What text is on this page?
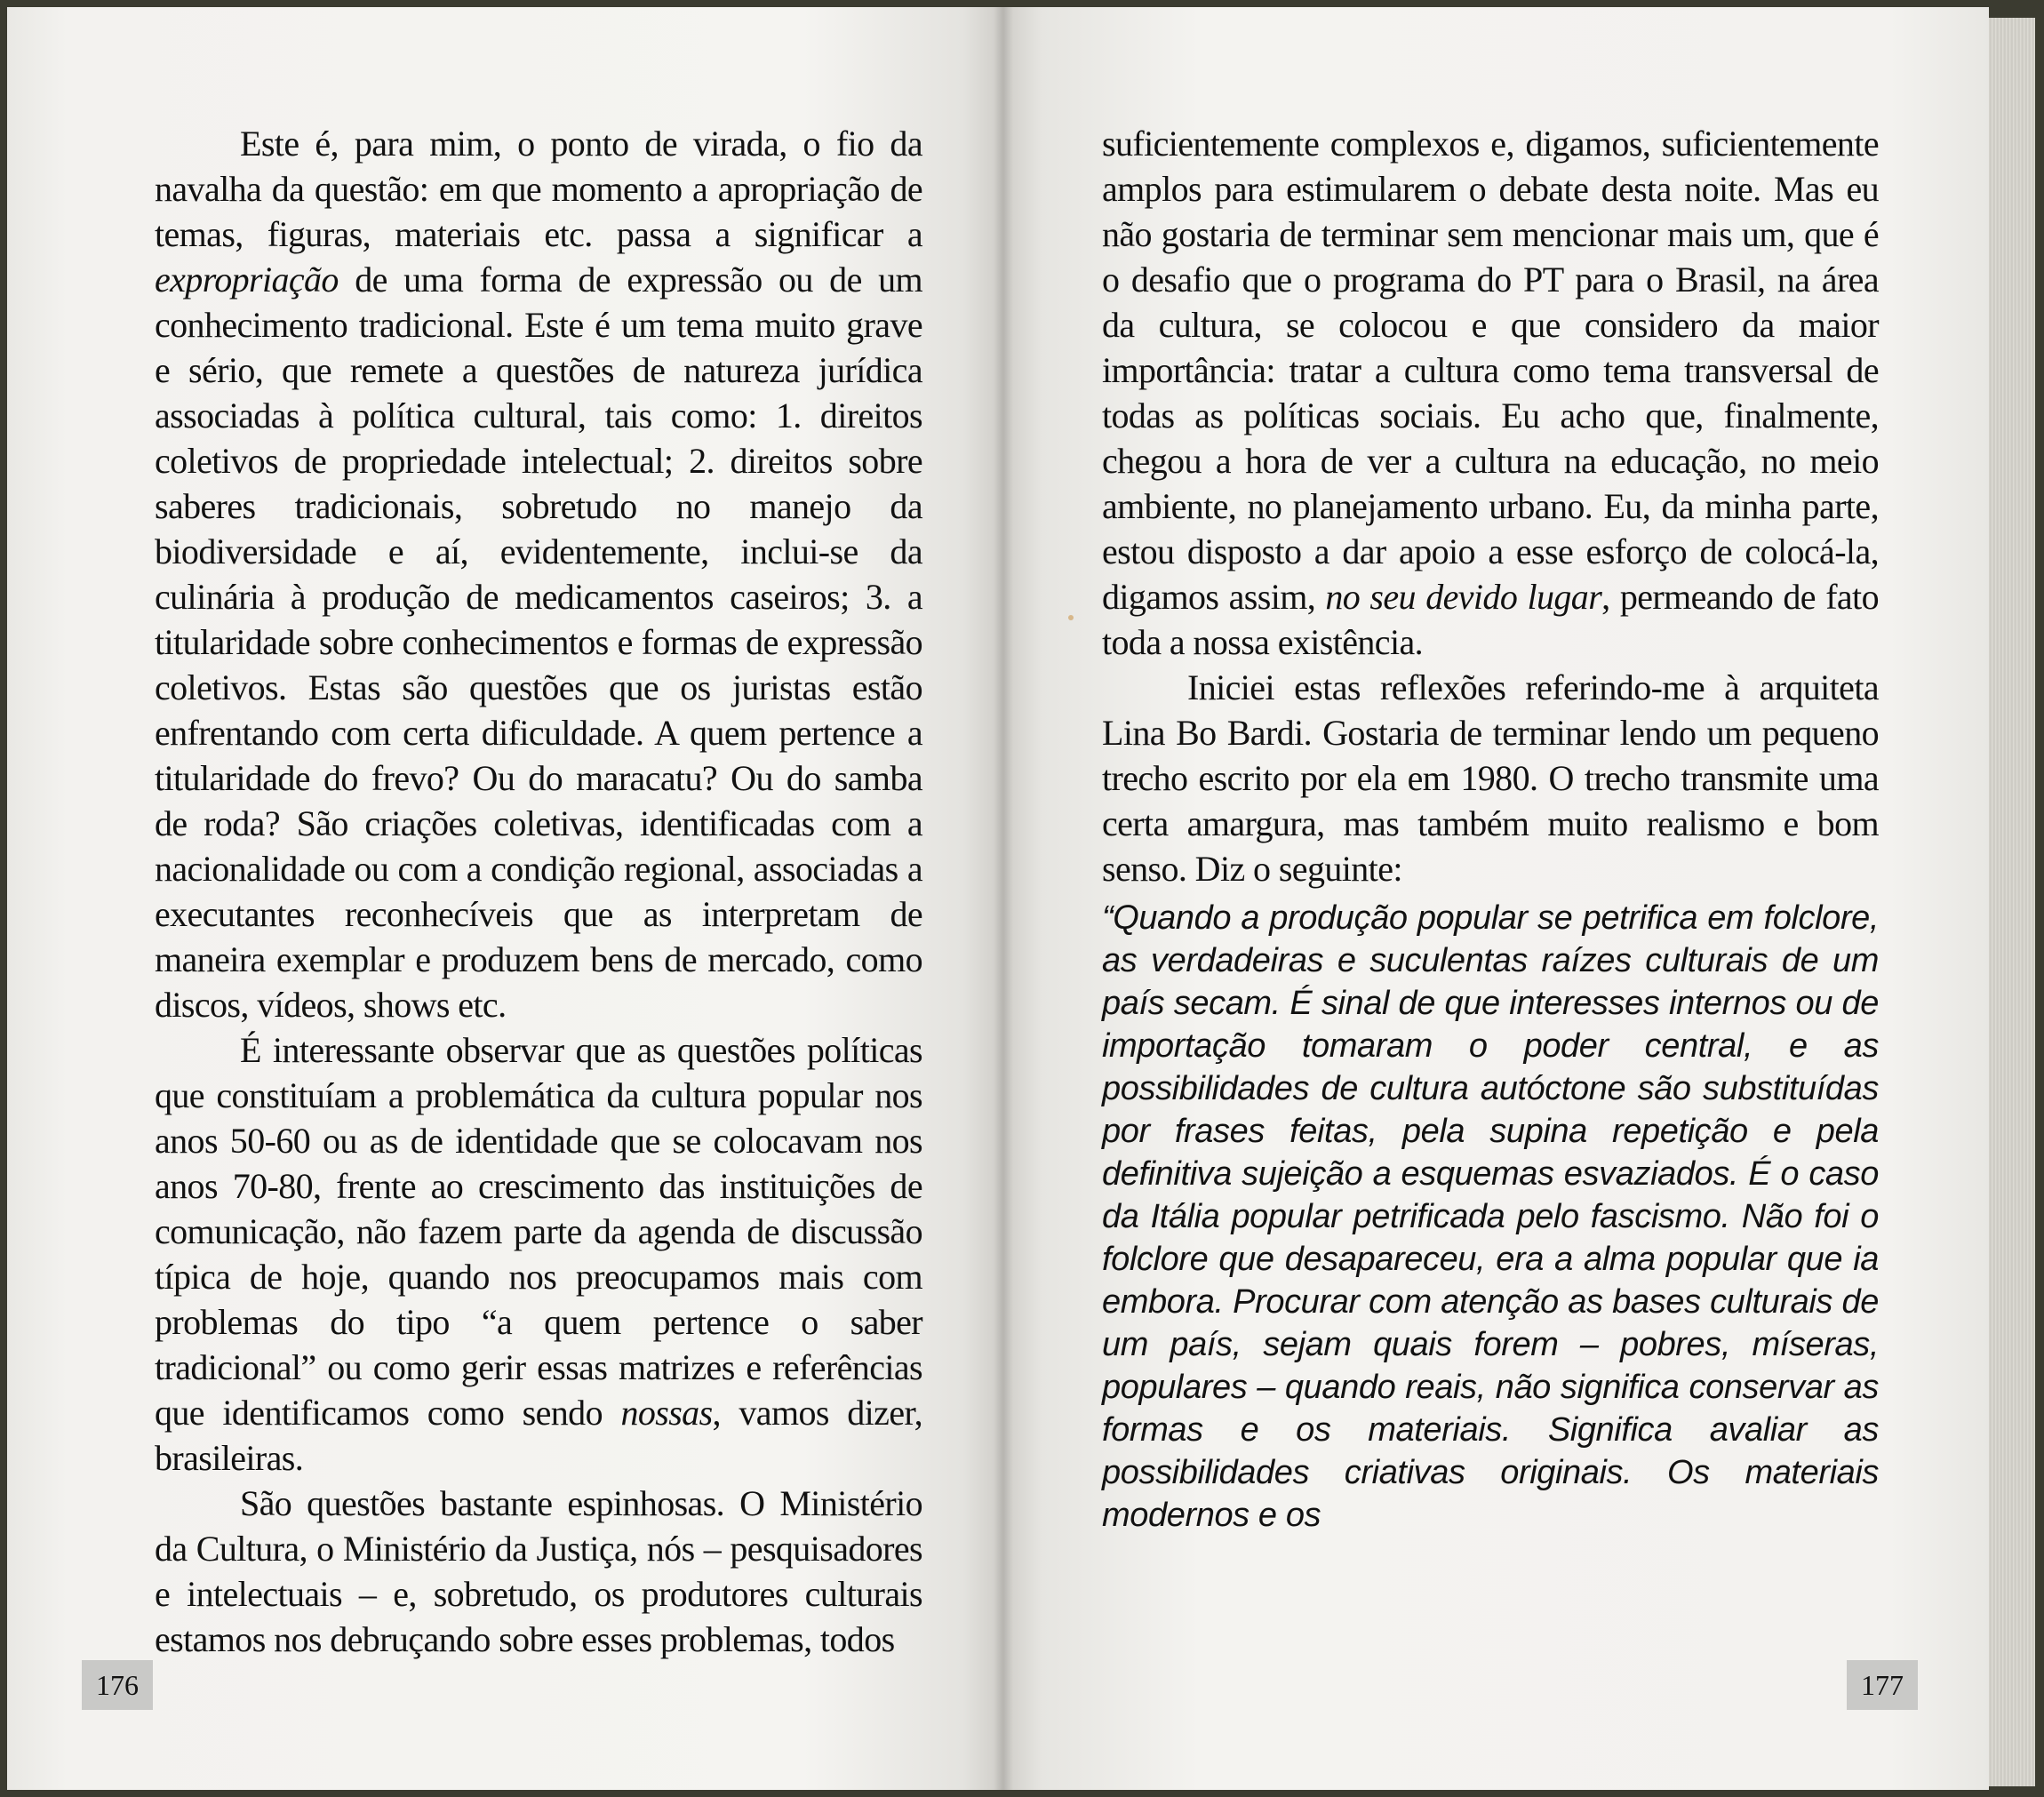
Este é, para mim, o ponto de virada, o fio da navalha da questão: em que momento a apropriação de temas, figuras, materiais etc. passa a significar a expropriação de uma forma de expressão ou de um conhecimento tradicional. Este é um tema muito grave e sério, que remete a questões de natureza jurídica associadas à política cultural, tais como: 1. direitos coletivos de propriedade intelectual; 2. direitos sobre saberes tradicionais, sobretudo no manejo da biodiversidade e aí, evidentemente, inclui-se da culinária à produção de medicamentos caseiros; 3. a titularidade sobre conhecimentos e formas de expressão coletivos. Estas são questões que os juristas estão enfrentando com certa dificuldade. A quem pertence a titularidade do frevo? Ou do maracatu? Ou do samba de roda? São criações coletivas, identificadas com a nacionalidade ou com a condição regional, associadas a executantes reconhecíveis que as interpretam de maneira exemplar e produzem bens de mercado, como discos, vídeos, shows etc.

É interessante observar que as questões políticas que constituíam a problemática da cultura popular nos anos 50-60 ou as de identidade que se colocavam nos anos 70-80, frente ao crescimento das instituições de comunicação, não fazem parte da agenda de discussão típica de hoje, quando nos preocupamos mais com problemas do tipo “a quem pertence o saber tradicional” ou como gerir essas matrizes e referências que identificamos como sendo nossas, vamos dizer, brasileiras.

São questões bastante espinhosas. O Ministério da Cultura, o Ministério da Justiça, nós – pesquisadores e intelectuais – e, sobretudo, os produtores culturais estamos nos debruçando sobre esses problemas, todos

176

suficientemente complexos e, digamos, suficientemente amplos para estimularem o debate desta noite. Mas eu não gostaria de terminar sem mencionar mais um, que é o desafio que o programa do PT para o Brasil, na área da cultura, se colocou e que considero da maior importância: tratar a cultura como tema transversal de todas as políticas sociais. Eu acho que, finalmente, chegou a hora de ver a cultura na educação, no meio ambiente, no planejamento urbano. Eu, da minha parte, estou disposto a dar apoio a esse esforço de colocá-la, digamos assim, no seu devido lugar, permeando de fato toda a nossa existência.

Iniciei estas reflexões referindo-me à arquiteta Lina Bo Bardi. Gostaria de terminar lendo um pequeno trecho escrito por ela em 1980. O trecho transmite uma certa amargura, mas também muito realismo e bom senso. Diz o seguinte:

“Quando a produção popular se petrifica em folclore, as verdadeiras e suculentas raízes culturais de um país secam. É sinal de que interesses internos ou de importação tomaram o poder central, e as possibilidades de cultura autóctone são substituídas por frases feitas, pela supina repetição e pela definitiva sujeição a esquemas esvaziados. É o caso da Itália popular petrificada pelo fascismo. Não foi o folclore que desapareceu, era a alma popular que ia embora. Procurar com atenção as bases culturais de um país, sejam quais forem – pobres, míseras, populares – quando reais, não significa conservar as formas e os materiais. Significa avaliar as possibilidades criativas originais. Os materiais modernos e os

177
